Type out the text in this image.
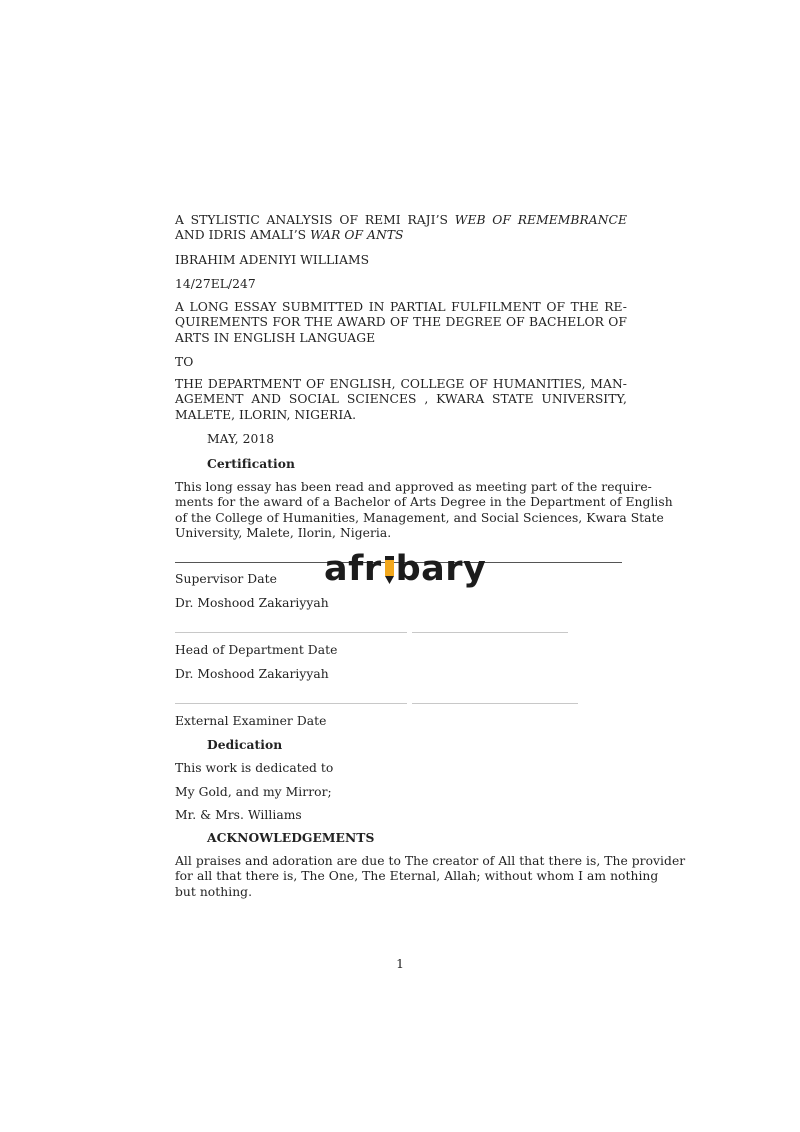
A STYLISTIC ANALYSIS OF REMI RAJI’S WEB OF REMEMBRANCE
AND IDRIS AMALI’S WAR OF ANTS
IBRAHIM ADENIYI WILLIAMS
14/27EL/247
A LONG ESSAY SUBMITTED IN PARTIAL FULFILMENT OF THE RE-
QUIREMENTS FOR THE AWARD OF THE DEGREE OF BACHELOR OF
ARTS IN ENGLISH LANGUAGE
TO
THE DEPARTMENT OF ENGLISH, COLLEGE OF HUMANITIES, MAN-
AGEMENT AND SOCIAL SCIENCES , KWARA STATE UNIVERSITY,
MALETE, ILORIN, NIGERIA.
MAY, 2018
Certification
This long essay has been read and approved as meeting part of the require-
ments for the award of a Bachelor of Arts Degree in the Department of English
of the College of Humanities, Management, and Social Sciences, Kwara State
University, Malete, Ilorin, Nigeria.
afr bary
Supervisor Date
Dr. Moshood Zakariyyah
Head of Department Date
Dr. Moshood Zakariyyah
External Examiner Date
Dedication
This work is dedicated to
My Gold, and my Mirror;
Mr. & Mrs. Williams
ACKNOWLEDGEMENTS
All praises and adoration are due to The creator of All that there is, The provider
for all that there is, The One, The Eternal, Allah; without whom I am nothing
but nothing.
1
